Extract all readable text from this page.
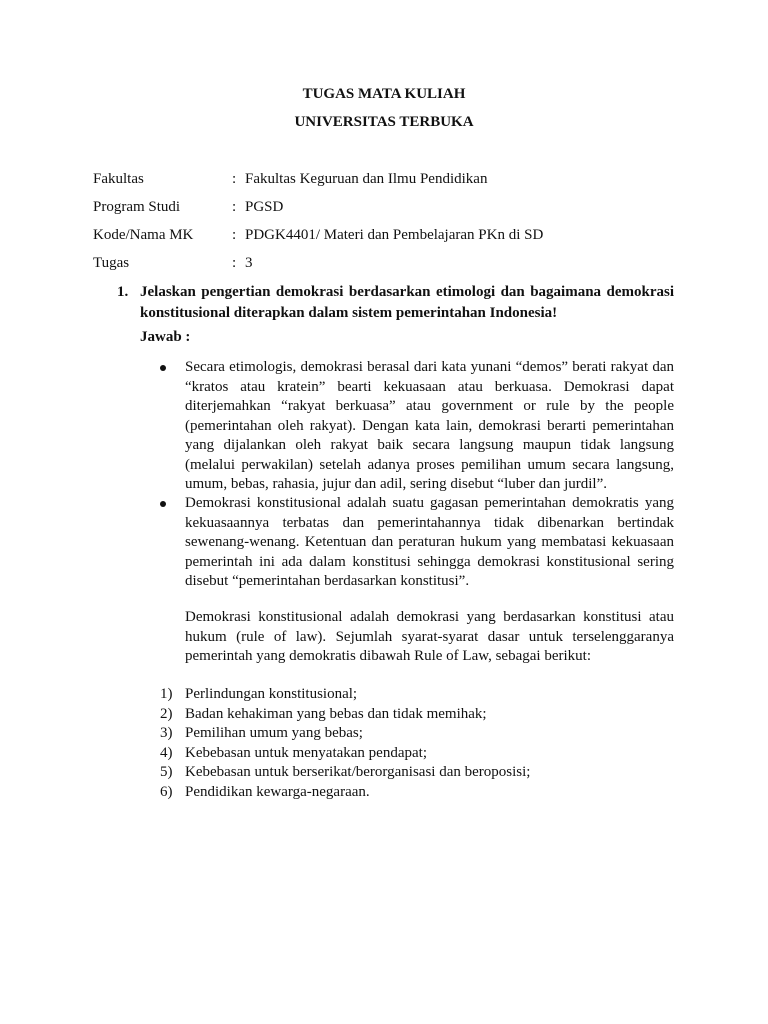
TUGAS MATA KULIAH
UNIVERSITAS TERBUKA
Fakultas	: Fakultas Keguruan dan Ilmu Pendidikan
Program Studi	: PGSD
Kode/Nama MK	: PDGK4401/ Materi dan Pembelajaran PKn di SD
Tugas	: 3
1. Jelaskan pengertian demokrasi berdasarkan etimologi dan bagaimana demokrasi konstitusional diterapkan dalam sistem pemerintahan Indonesia!
Jawab :
Secara etimologis, demokrasi berasal dari kata yunani “demos” berati rakyat dan “kratos atau kratein” bearti kekuasaan atau berkuasa. Demokrasi dapat diterjemahkan “rakyat berkuasa” atau government or rule by the people (pemerintahan oleh rakyat). Dengan kata lain, demokrasi berarti pemerintahan yang dijalankan oleh rakyat baik secara langsung maupun tidak langsung (melalui perwakilan) setelah adanya proses pemilihan umum secara langsung, umum, bebas, rahasia, jujur dan adil, sering disebut “luber dan jurdil”.
Demokrasi konstitusional adalah suatu gagasan pemerintahan demokratis yang kekuasaannya terbatas dan pemerintahannya tidak dibenarkan bertindak sewenang-wenang. Ketentuan dan peraturan hukum yang membatasi kekuasaan pemerintah ini ada dalam konstitusi sehingga demokrasi konstitusional sering disebut “pemerintahan berdasarkan konstitusi”.
Demokrasi konstitusional adalah demokrasi yang berdasarkan konstitusi atau hukum (rule of law). Sejumlah syarat-syarat dasar untuk terselenggaranya pemerintah yang demokratis dibawah Rule of Law, sebagai berikut:
1) Perlindungan konstitusional;
2) Badan kehakiman yang bebas dan tidak memihak;
3) Pemilihan umum yang bebas;
4) Kebebasan untuk menyatakan pendapat;
5) Kebebasan untuk berserikat/berorganisasi dan beroposisi;
6) Pendidikan kewarga-negaraan.
